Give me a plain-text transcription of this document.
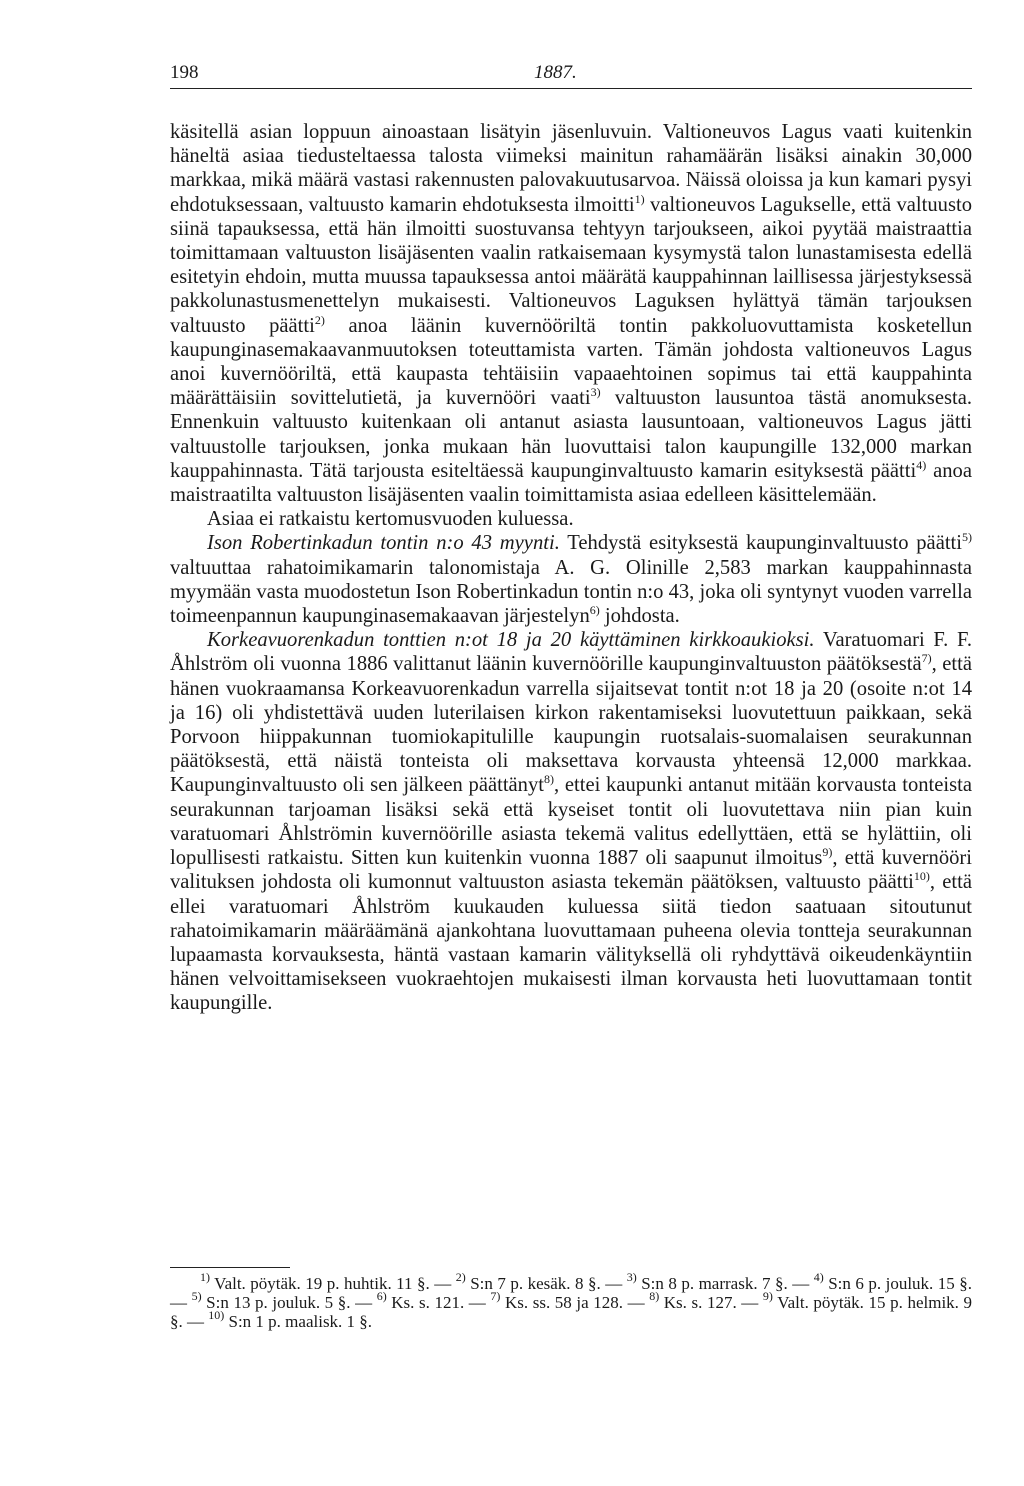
198	1887.

käsitellä asian loppuun ainoastaan lisätyin jäsenluvuin. Valtioneuvos Lagus vaati kuitenkin häneltä asiaa tiedusteltaessa talosta viimeksi mainitun rahamäärän lisäksi ainakin 30,000 markkaa, mikä määrä vastasi rakennusten palovakuutusarvoa. Näissä oloissa ja kun kamari pysyi ehdotuksessaan, valtuusto kamarin ehdotuksesta ilmoitti$^{1)}$ valtioneuvos Lagukselle, että valtuusto siinä tapauksessa, että hän ilmoitti suostuvansa tehtyyn tarjoukseen, aikoi pyytää maistraattia toimittamaan valtuuston lisäjäsenten vaalin ratkaisemaan kysymystä talon lunastamisesta edellä esitetyin ehdoin, mutta muussa tapauksessa antoi määrätä kauppahinnan laillisessa järjestyksessä pakkolunastusmenettelyn mukaisesti. Valtioneuvos Laguksen hylättyä tämän tarjouksen valtuusto päätti$^{2)}$ anoa läänin kuvernööriltä tontin pakkoluovuttamista kosketellun kaupunginasemakaavanmuutoksen toteuttamista varten. Tämän johdosta valtioneuvos Lagus anoi kuvernööriltä, että kaupasta tehtäisiin vapaaehtoinen sopimus tai että kauppahinta määrättäisiin sovittelutietä, ja kuvernööri vaati$^{3)}$ valtuuston lausuntoa tästä anomuksesta. Ennenkuin valtuusto kuitenkaan oli antanut asiasta lausuntoaan, valtioneuvos Lagus jätti valtuustolle tarjouksen, jonka mukaan hän luovuttaisi talon kaupungille 132,000 markan kauppahinnasta. Tätä tarjousta esiteltäessä kaupunginvaltuusto kamarin esityksestä päätti$^{4)}$ anoa maistraatilta valtuuston lisäjäsenten vaalin toimittamista asiaa edelleen käsittelemään.

Asiaa ei ratkaistu kertomusvuoden kuluessa.

Ison Robertinkadun tontin n:o 43 myynti. Tehdystä esityksestä kaupunginvaltuusto päätti$^{5)}$ valtuuttaa rahatoimikamarin talonomistaja A. G. Olinille 2,583 markan kauppahinnasta myymään vasta muodostetun Ison Robertinkadun tontin n:o 43, joka oli syntynyt vuoden varrella toimeenpannun kaupunginasemakaavan järjestelyn$^{6)}$ johdosta.

Korkeavuorenkadun tonttien n:ot 18 ja 20 käyttäminen kirkkoaukioksi. Varatuomari F. F. Åhlström oli vuonna 1886 valittanut läänin kuvernöörille kaupunginvaltuuston päätöksestä$^{7)}$, että hänen vuokraamansa Korkeavuorenkadun varrella sijaitsevat tontit n:ot 18 ja 20 (osoite n:ot 14 ja 16) oli yhdistettävä uuden luterilaisen kirkon rakentamiseksi luovutettuun paikkaan, sekä Porvoon hiippakunnan tuomiokapitulille kaupungin ruotsalais-suomalaisen seurakunnan päätöksestä, että näistä tonteista oli maksettava korvausta yhteensä 12,000 markkaa. Kaupunginvaltuusto oli sen jälkeen päättänyt$^{8)}$, ettei kaupunki antanut mitään korvausta tonteista seurakunnan tarjoaman lisäksi sekä että kyseiset tontit oli luovutettava niin pian kuin varatuomari Åhlströmin kuvernöörille asiasta tekemä valitus edellyttäen, että se hylättiin, oli lopullisesti ratkaistu. Sitten kun kuitenkin vuonna 1887 oli saapunut ilmoitus$^{9)}$, että kuvernööri valituksen johdosta oli kumonnut valtuuston asiasta tekemän päätöksen, valtuusto päätti$^{10)}$, että ellei varatuomari Åhlström kuukauden kuluessa siitä tiedon saatuaan sitoutunut rahatoimikamarin määräämänä ajankohtana luovuttamaan puheena olevia tontteja seurakunnan lupaamasta korvauksesta, häntä vastaan kamarin välityksellä oli ryhdyttävä oikeudenkäyntiin hänen velvoittamisekseen vuokraehtojen mukaisesti ilman korvausta heti luovuttamaan tontit kaupungille.

$^{1)}$ Valt. pöytäk. 19 p. huhtik. 11 §. — $^{2)}$ S:n 7 p. kesäk. 8 §. — $^{3)}$ S:n 8 p. marrask. 7 §. — $^{4)}$ S:n 6 p. jouluk. 15 §. — $^{5)}$ S:n 13 p. jouluk. 5 §. — $^{6)}$ Ks. s. 121. — $^{7)}$ Ks. ss. 58 ja 128. — $^{8)}$ Ks. s. 127. — $^{9)}$ Valt. pöytäk. 15 p. helmik. 9 §. — $^{10)}$ S:n 1 p. maalisk. 1 §.
